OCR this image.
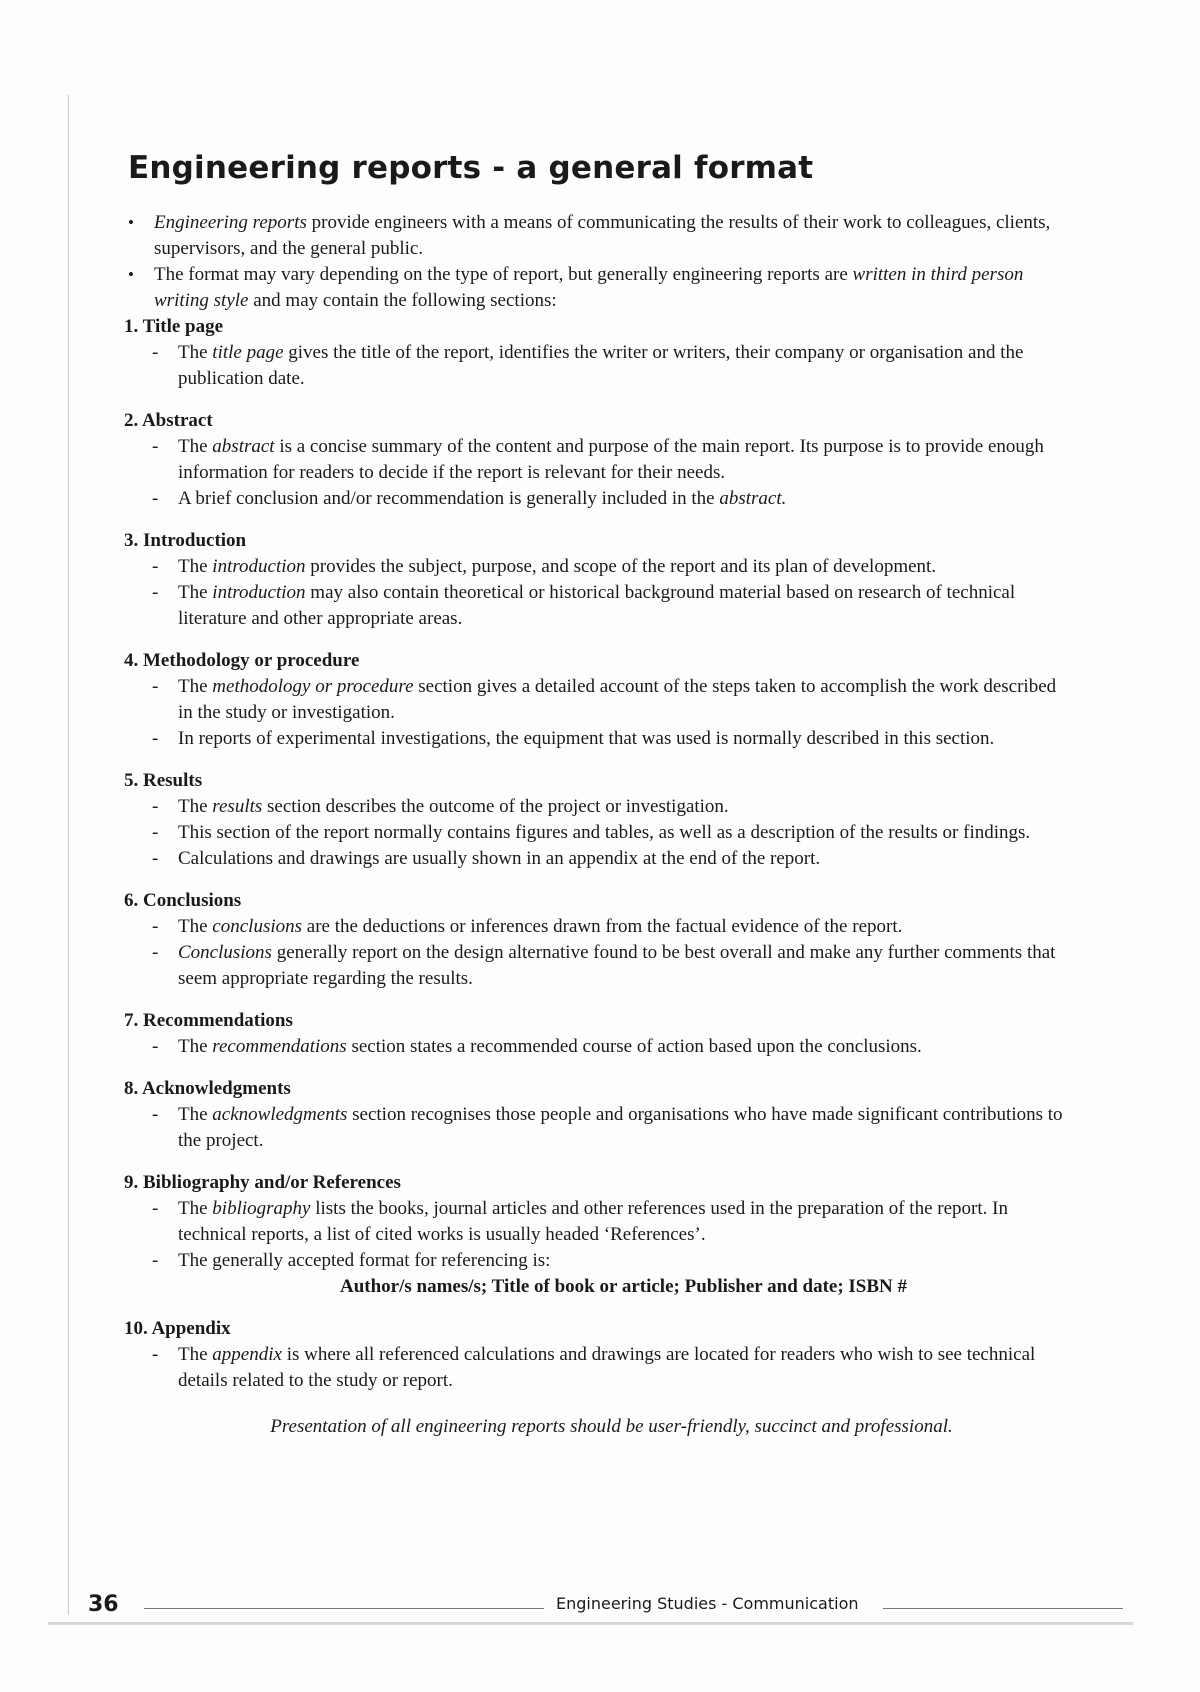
Engineering reports - a general format
• Engineering reports provide engineers with a means of communicating the results of their work to colleagues, clients, supervisors, and the general public.
• The format may vary depending on the type of report, but generally engineering reports are written in third person writing style and may contain the following sections:
1. Title page
- The title page gives the title of the report, identifies the writer or writers, their company or organisation and the publication date.
2. Abstract
- The abstract is a concise summary of the content and purpose of the main report. Its purpose is to provide enough information for readers to decide if the report is relevant for their needs.
- A brief conclusion and/or recommendation is generally included in the abstract.
3. Introduction
- The introduction provides the subject, purpose, and scope of the report and its plan of development.
- The introduction may also contain theoretical or historical background material based on research of technical literature and other appropriate areas.
4. Methodology or procedure
- The methodology or procedure section gives a detailed account of the steps taken to accomplish the work described in the study or investigation.
- In reports of experimental investigations, the equipment that was used is normally described in this section.
5. Results
- The results section describes the outcome of the project or investigation.
- This section of the report normally contains figures and tables, as well as a description of the results or findings.
- Calculations and drawings are usually shown in an appendix at the end of the report.
6. Conclusions
- The conclusions are the deductions or inferences drawn from the factual evidence of the report.
- Conclusions generally report on the design alternative found to be best overall and make any further comments that seem appropriate regarding the results.
7. Recommendations
- The recommendations section states a recommended course of action based upon the conclusions.
8. Acknowledgments
- The acknowledgments section recognises those people and organisations who have made significant contributions to the project.
9. Bibliography and/or References
- The bibliography lists the books, journal articles and other references used in the preparation of the report. In technical reports, a list of cited works is usually headed ‘References’.
- The generally accepted format for referencing is:
Author/s names/s; Title of book or article; Publisher and date; ISBN #
10. Appendix
- The appendix is where all referenced calculations and drawings are located for readers who wish to see technical details related to the study or report.
Presentation of all engineering reports should be user-friendly, succinct and professional.
36	Engineering Studies - Communication
